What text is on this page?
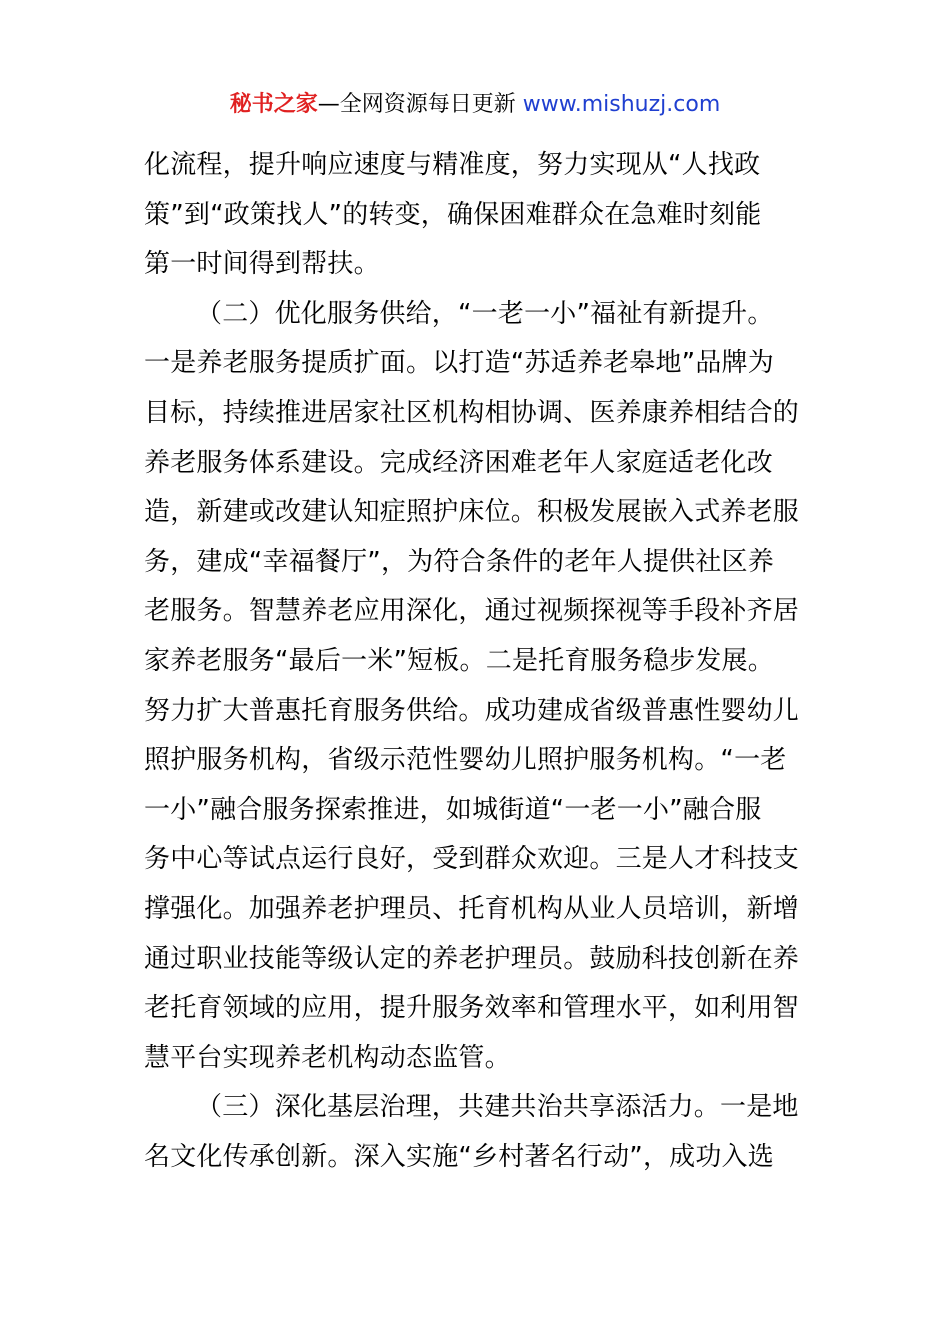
秘书之家—全网资源每日更新 www.mishuzj.com
化流程，提升响应速度与精准度，努力实现从“人找政
策”到“政策找人”的转变，确保困难群众在急难时刻能
第一时间得到帮扶。
（二）优化服务供给，“一老一小”福祉有新提升。
一是养老服务提质扩面。以打造“苏适养老皋地”品牌为
目标，持续推进居家社区机构相协调、医养康养相结合的
养老服务体系建设。完成经济困难老年人家庭适老化改
造，新建或改建认知症照护床位。积极发展嵌入式养老服
务，建成“幸福餐厅”，为符合条件的老年人提供社区养
老服务。智慧养老应用深化，通过视频探视等手段补齐居
家养老服务“最后一米”短板。二是托育服务稳步发展。
努力扩大普惠托育服务供给。成功建成省级普惠性婴幼儿
照护服务机构，省级示范性婴幼儿照护服务机构。“一老
一小”融合服务探索推进，如城街道“一老一小”融合服
务中心等试点运行良好，受到群众欢迎。三是人才科技支
撑强化。加强养老护理员、托育机构从业人员培训，新增
通过职业技能等级认定的养老护理员。鼓励科技创新在养
老托育领域的应用，提升服务效率和管理水平，如利用智
慧平台实现养老机构动态监管。
（三）深化基层治理，共建共治共享添活力。一是地
名文化传承创新。深入实施“乡村著名行动”，成功入选
